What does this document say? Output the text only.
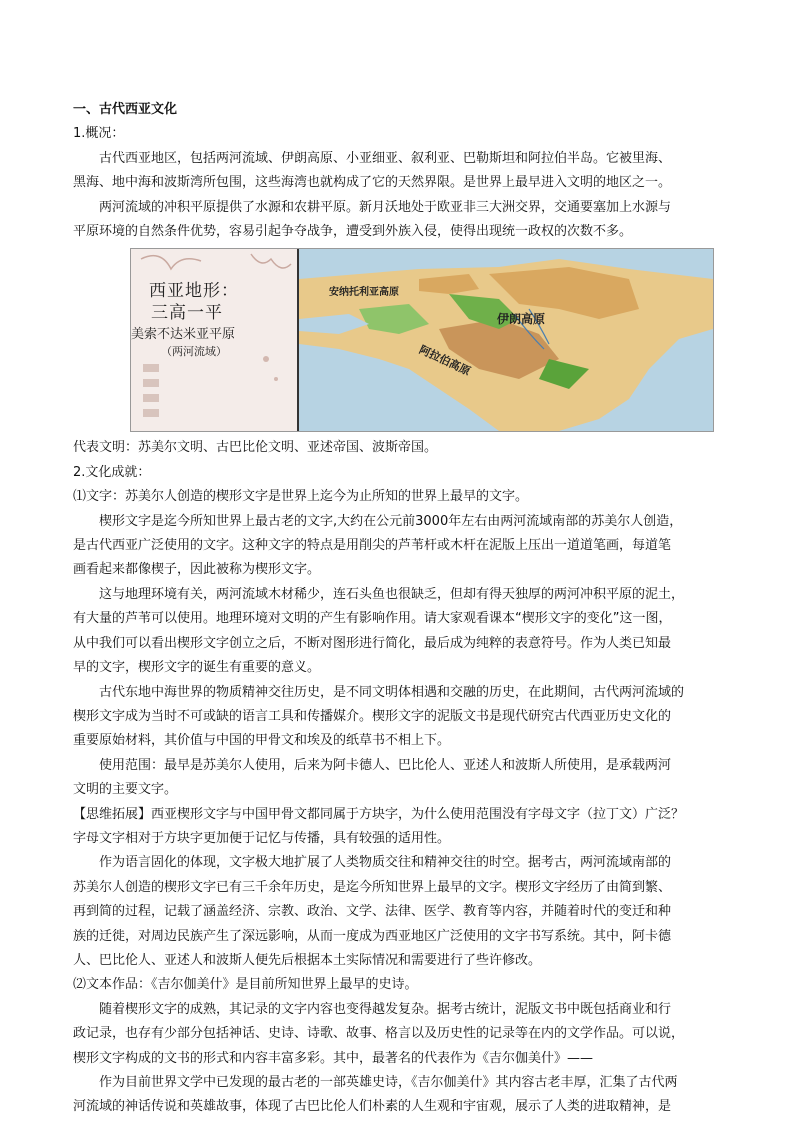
一、古代西亚文化
1.概况：
古代西亚地区，包括两河流域、伊朗高原、小亚细亚、叙利亚、巴勒斯坦和阿拉伯半岛。它被里海、
黑海、地中海和波斯湾所包围，这些海湾也就构成了它的天然界限。是世界上最早进入文明的地区之一。
两河流域的冲积平原提供了水源和农耕平原。新月沃地处于欧亚非三大洲交界，交通要塞加上水源与
平原环境的自然条件优势，容易引起争夺战争，遭受到外族入侵，使得出现统一政权的次数不多。
西亚地形：
三高一平
美索不达米亚平原
（两河流域）
安纳托利亚高原
伊朗高原
阿拉伯高原
代表文明：苏美尔文明、古巴比伦文明、亚述帝国、波斯帝国。
2.文化成就：
⑴文字：苏美尔人创造的楔形文字是世界上迄今为止所知的世界上最早的文字。
楔形文字是迄今所知世界上最古老的文字,大约在公元前3000年左右由两河流域南部的苏美尔人创造，
是古代西亚广泛使用的文字。这种文字的特点是用削尖的芦苇杆或木杆在泥版上压出一道道笔画，每道笔
画看起来都像楔子，因此被称为楔形文字。
这与地理环境有关，两河流域木材稀少，连石头鱼也很缺乏，但却有得天独厚的两河冲积平原的泥土，
有大量的芦苇可以使用。地理环境对文明的产生有影响作用。请大家观看课本“楔形文字的变化”这一图，
从中我们可以看出楔形文字创立之后，不断对图形进行简化，最后成为纯粹的表意符号。作为人类已知最
早的文字，楔形文字的诞生有重要的意义。
古代东地中海世界的物质精神交往历史，是不同文明体相遇和交融的历史，在此期间，古代两河流域的
楔形文字成为当时不可或缺的语言工具和传播媒介。楔形文字的泥版文书是现代研究古代西亚历史文化的
重要原始材料，其价值与中国的甲骨文和埃及的纸草书不相上下。
使用范围：最早是苏美尔人使用，后来为阿卡德人、巴比伦人、亚述人和波斯人所使用，是承载两河
文明的主要文字。
【思维拓展】西亚楔形文字与中国甲骨文都同属于方块字，为什么使用范围没有字母文字（拉丁文）广泛？
字母文字相对于方块字更加便于记忆与传播，具有较强的适用性。
作为语言固化的体现，文字极大地扩展了人类物质交往和精神交往的时空。据考古，两河流域南部的
苏美尔人创造的楔形文字已有三千余年历史，是迄今所知世界上最早的文字。楔形文字经历了由简到繁、
再到简的过程，记载了涵盖经济、宗教、政治、文学、法律、医学、教育等内容，并随着时代的变迁和种
族的迁徙，对周边民族产生了深远影响，从而一度成为西亚地区广泛使用的文字书写系统。其中，阿卡德
人、巴比伦人、亚述人和波斯人便先后根据本土实际情况和需要进行了些许修改。
⑵文本作品：《吉尔伽美什》是目前所知世界上最早的史诗。
随着楔形文字的成熟，其记录的文字内容也变得越发复杂。据考古统计，泥版文书中既包括商业和行
政记录，也存有少部分包括神话、史诗、诗歌、故事、格言以及历史性的记录等在内的文学作品。可以说，
楔形文字构成的文书的形式和内容丰富多彩。其中，最著名的代表作为《吉尔伽美什》——
作为目前世界文学中已发现的最古老的一部英雄史诗，《吉尔伽美什》其内容古老丰厚，汇集了古代两
河流域的神话传说和英雄故事，体现了古巴比伦人们朴素的人生观和宇宙观，展示了人类的进取精神，是
